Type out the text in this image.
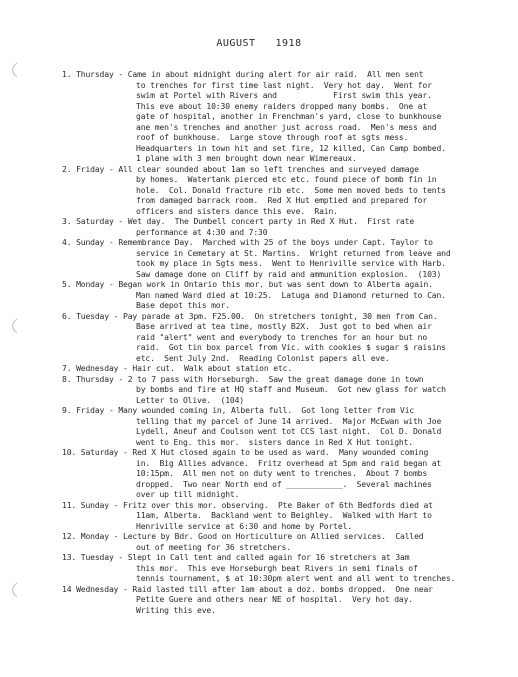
AUGUST 1918
1. Thursday - Came in about midnight during alert for air raid.  All men sent
to trenches for first time last night.  Very hot day.  Went for
swim at Portel with Rivers and            First swim this year.
This eve about 10:30 enemy raiders dropped many bombs.  One at
gate of hospital, another in Frenchman's yard, close to bunkhouse
ane men's trenches and another just across road.  Men's mess and
roof of bunkhouse.  Large stove through roof at sgts mess.
Headquarters in town hit and set fire, 12 killed, Can Camp bombed.
1 plane with 3 men brought down near Wimereaux.
2. Friday - All clear sounded about 1am so left trenches and surveyed damage
by homes.  Watertank pierced etc etc. found piece of bomb fin in
hole.  Col. Donald fracture rib etc.  Some men moved beds to tents
from damaged barrack room.  Red X Hut emptied and prepared for
officers and sisters dance this eve.  Rain.
3. Saturday - Wet day.  The Dumbell concert party in Red X Hut.  First rate
performance at 4:30 and 7:30
4. Sunday - Remembrance Day.  Marched with 25 of the boys under Capt. Taylor to
service in Cemetary at St. Martins.  Wright returned from leave and
took my place in Sgts mess.  Went to Henriville service with Harb.
Saw damage done on Cliff by raid and ammunition explosion.  (103)
5. Monday - Began work in Ontario this mor. but was sent down to Alberta again.
Man named Ward died at 10:25.  Latuga and Diamond returned to Can.
Base depot this mor.
6. Tuesday - Pay parade at 3pm. F25.00.  On stretchers tonight, 30 men from Can.
Base arrived at tea time, mostly B2X.  Just got to bed when air
raid "alert" went and everybody to trenches for an hour but no
raid.  Got tin box parcel from Vic. with cookies $ sugar $ raisins
etc.  Sent July 2nd.  Reading Colonist papers all eve.
7. Wednesday - Hair cut.  Walk about station etc.
8. Thursday - 2 to 7 pass with Horseburgh.  Saw the great damage done in town
by bombs and fire at HQ staff and Museum.  Got new glass for watch
Letter to Olive.  (104)
9. Friday - Many wounded coming in, Alberta full.  Got long letter from Vic
telling that my parcel of June 14 arrived.  Major McEwan with Joe
Lydell, Aneuf and Coulson went tot CCS last night.  Col D. Donald
went to Eng. this mor.  sisters dance in Red X Hut tonight.
10. Saturday - Red X Hut closed again to be used as ward.  Many wounded coming
in.  Big Allies advance.  Fritz overhead at 5pm and raid began at
10:15pm.  All men not on duty went to trenches.  About 7 bombs
dropped.  Two near North end of ____________.  Several machines
over up till midnight.
11. Sunday - Fritz over this mor. observing.  Pte Baker of 6th Bedfords died at
11am, Alberta.  Backland went to Beighley.  Walked with Hart to
Henriville service at 6:30 and home by Portel.
12. Monday - Lecture by Bdr. Good on Horticulture on Allied services.  Called
out of meeting for 36 stretchers.
13. Tuesday - Slept in Call tent and called again for 16 stretchers at 3am
this mor.  This eve Horseburgh beat Rivers in semi finals of
tennis tournament, $ at 10:30pm alert went and all went to trenches.
14 Wednesday - Raid lasted till after 1am about a doz. bombs dropped.  One near
Petite Guere and others near NE of hospital.  Very hot day.
Writing this eve.
